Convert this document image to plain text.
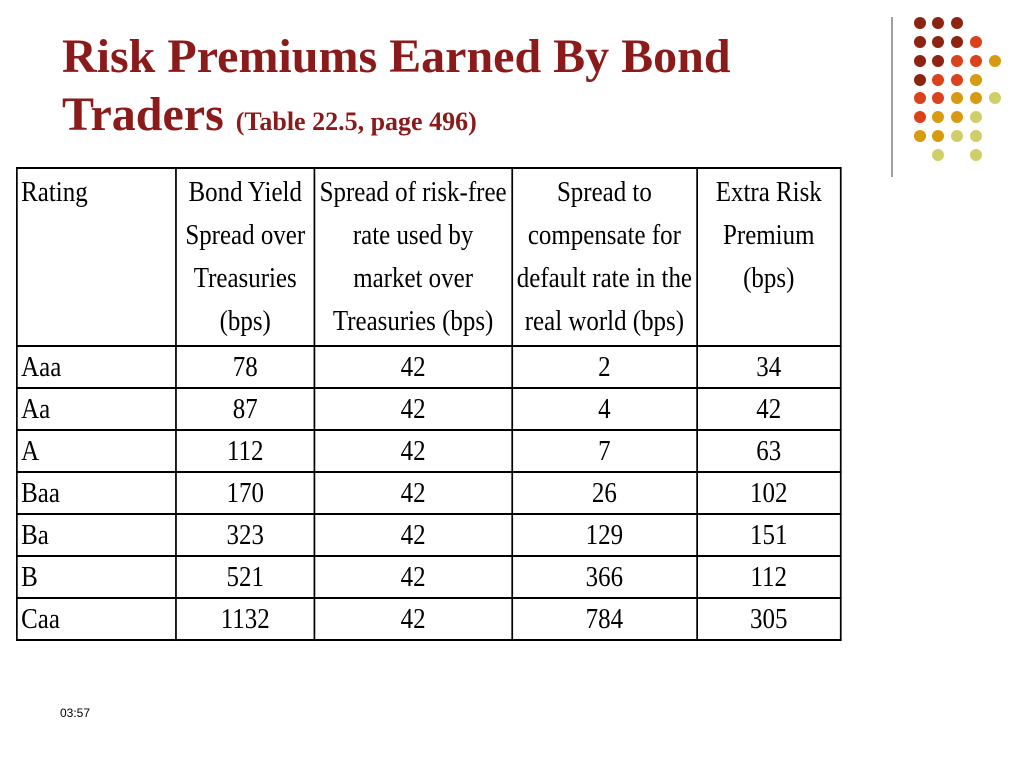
Risk Premiums Earned By Bond Traders (Table 22.5, page 496)
Rating	Bond Yield Spread over Treasuries (bps)	Spread of risk-free rate used by market over Treasuries (bps)	Spread to compensate for default rate in the real world (bps)	Extra Risk Premium (bps)
Aaa	78	42	2	34
Aa	87	42	4	42
A	112	42	7	63
Baa	170	42	26	102
Ba	323	42	129	151
B	521	42	366	112
Caa	1132	42	784	305
03:57
